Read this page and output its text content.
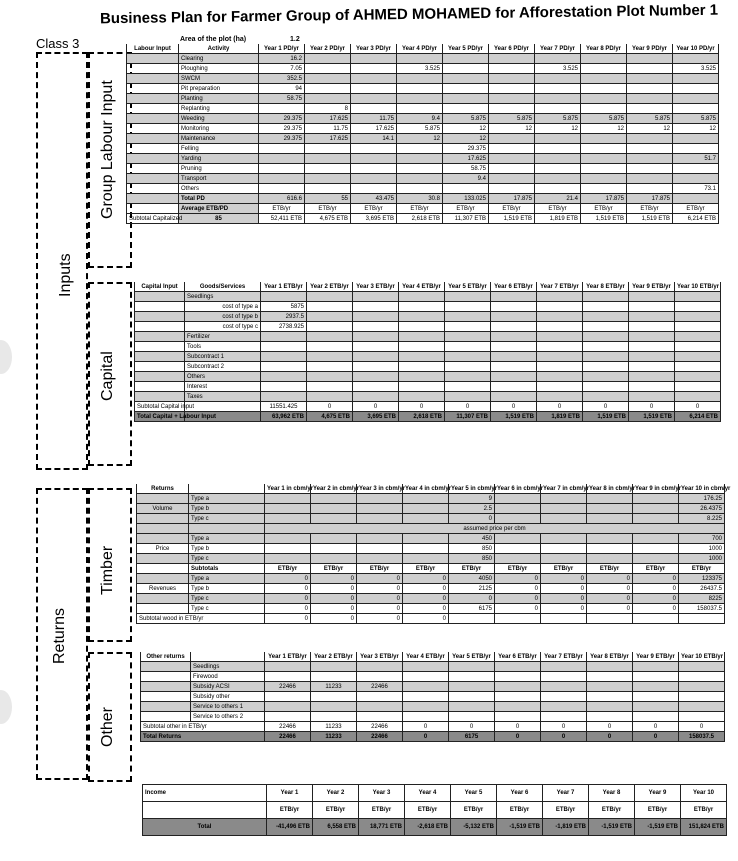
Business Plan for Farmer Group of AHMED MOHAMED for Afforestation Plot Number 1
Class 3	Area of the plot (ha)	1.2
Inputs
Group Labour Input
Capital
Returns
Timber
Other
Labour Input	Activity	Year 1 PD/yr	Year 2 PD/yr	Year 3 PD/yr	Year 4 PD/yr	Year 5 PD/yr	Year 6 PD/yr	Year 7 PD/yr	Year 8 PD/yr	Year 9 PD/yr	Year 10 PD/yr
	Clearing	16.2									
	Ploughing	7.05			3.525			3.525			3.525
	SWCM	352.5									
	Pit preparation	94									
	Planting	58.75									
	Replanting		8								
	Weeding	29.375	17.625	11.75	9.4	5.875	5.875	5.875	5.875	5.875	5.875
	Monitoring	29.375	11.75	17.625	5.875	12	12	12	12	12	12
	Maintenance	29.375	17.625	14.1	12	12					
	Felling					29.375					
	Yarding					17.625					51.7
	Pruning					58.75					
	Transport					9.4					
	Others										73.1
	Total PD	616.6	55	43.475	30.8	133.025	17.875	21.4	17.875	17.875	
	Average ETB/PD	ETB/yr	ETB/yr	ETB/yr	ETB/yr	ETB/yr	ETB/yr	ETB/yr	ETB/yr	ETB/yr	ETB/yr
Subtotal Capitalized	85	52,411 ETB	4,675 ETB	3,695 ETB	2,618 ETB	11,307 ETB	1,519 ETB	1,819 ETB	1,519 ETB	1,519 ETB	6,214 ETB
Capital Input	Goods/Services	Year 1 ETB/yr	Year 2 ETB/yr	Year 3 ETB/yr	Year 4 ETB/yr	Year 5 ETB/yr	Year 6 ETB/yr	Year 7 ETB/yr	Year 8 ETB/yr	Year 9 ETB/yr	Year 10 ETB/yr
	Seedlings										
	cost of type a	5875									
	cost of type b	2937.5									
	cost of type c	2738.925									
	Fertilizer										
	Tools										
	Subcontract 1										
	Subcontract 2										
	Others										
	Interest										
	Taxes										
Subtotal Capital input		11551.425	0	0	0	0	0	0	0	0	0
Total Capital + Labour Input		63,962 ETB	4,675 ETB	3,695 ETB	2,618 ETB	11,307 ETB	1,519 ETB	1,819 ETB	1,519 ETB	1,519 ETB	6,214 ETB
Returns		Year 1 in cbm/yr	Year 2 in cbm/yr	Year 3 in cbm/yr	Year 4 in cbm/yr	Year 5 in cbm/yr	Year 6 in cbm/yr	Year 7 in cbm/yr	Year 8 in cbm/yr	Year 9 in cbm/yr	Year 10 in cbm/yr
	Type a					9					176.25
Volume	Type b					2.5					26.4375
	Type c					0					8.225
		assumed price per cbm									
	Type a					450					700
Price	Type b					850					1000
	Type c					850					1000
	Subtotals	ETB/yr	ETB/yr	ETB/yr	ETB/yr	ETB/yr	ETB/yr	ETB/yr	ETB/yr	ETB/yr	ETB/yr
	Type a	0	0	0	0	4050	0	0	0	0	123375
Revenues	Type b	0	0	0	0	2125	0	0	0	0	26437.5
	Type c	0	0	0	0	0	0	0	0	0	8225
	Type c	0	0	0	0	6175	0	0	0	0	158037.5
Subtotal wood in ETB/yr		0	0	0	0						
Other returns		Year 1 ETB/yr	Year 2 ETB/yr	Year 3 ETB/yr	Year 4 ETB/yr	Year 5 ETB/yr	Year 6 ETB/yr	Year 7 ETB/yr	Year 8 ETB/yr	Year 9 ETB/yr	Year 10 ETB/yr
	Seedlings										
	Firewood										
	Subsidy ACSI	22466	11233	22466							
	Subsidy other										
	Service to others 1										
	Service to others 2										
Subtotal other in ETB/yr		22466	11233	22466	0	0	0	0	0	0	0
Total Returns		22466	11233	22466	0	6175	0	0	0	0	158037.5
Income	Year 1	Year 2	Year 3	Year 4	Year 5	Year 6	Year 7	Year 8	Year 9	Year 10
	ETB/yr	ETB/yr	ETB/yr	ETB/yr	ETB/yr	ETB/yr	ETB/yr	ETB/yr	ETB/yr	ETB/yr
Total	-41,496 ETB	6,558 ETB	18,771 ETB	-2,618 ETB	-5,132 ETB	-1,519 ETB	-1,819 ETB	-1,519 ETB	-1,519 ETB	151,824 ETB
